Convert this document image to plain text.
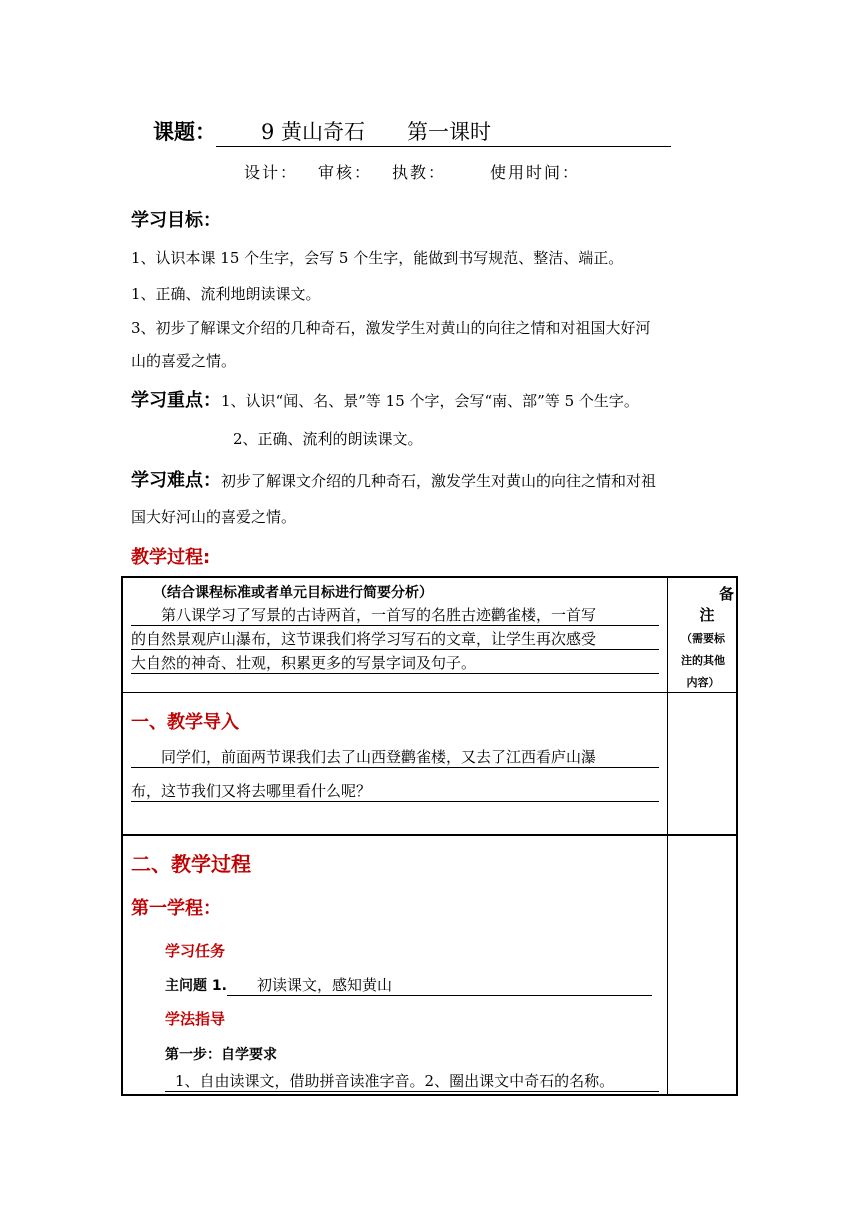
课题： 9 黄山奇石　　第一课时
设计： 审核： 执教：	使用时间：
学习目标：
1、认识本课 15 个生字，会写 5 个生字，能做到书写规范、整洁、端正。
1、正确、流利地朗读课文。
3、初步了解课文介绍的几种奇石，激发学生对黄山的向往之情和对祖国大好河
山的喜爱之情。
学习重点：1、认识“闻、名、景”等 15 个字，会写“南、部”等 5 个生字。
2、正确、流利的朗读课文。
学习难点：初步了解课文介绍的几种奇石，激发学生对黄山的向往之情和对祖
国大好河山的喜爱之情。
教学过程:
（结合课程标准或者单元目标进行简要分析）
第八课学习了写景的古诗两首，一首写的名胜古迹鹳雀楼，一首写
的自然景观庐山瀑布，这节课我们将学习写石的文章，让学生再次感受
大自然的神奇、壮观，积累更多的写景字词及句子。
备
注
（需要标
注的其他
内容）
一、教学导入
同学们，前面两节课我们去了山西登鹳雀楼，又去了江西看庐山瀑
布，这节我们又将去哪里看什么呢？
二、教学过程
第一学程：
学习任务
主问题 1. 初读课文，感知黄山
学法指导
第一步：自学要求
1、自由读课文，借助拼音读准字音。2、圈出课文中奇石的名称。
